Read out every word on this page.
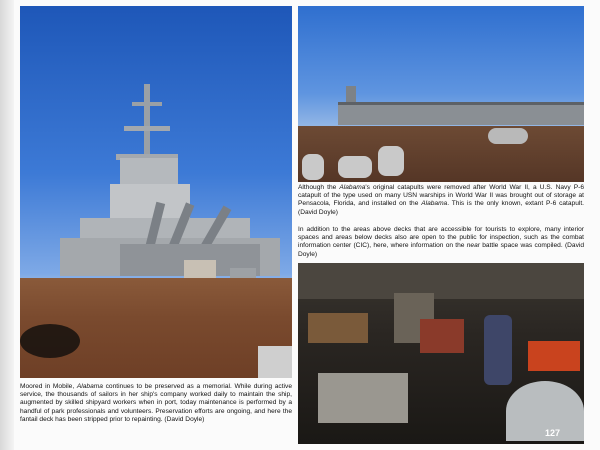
Although the Alabama's original catapults were removed after World War II, a U.S. Navy P-6 catapult of the type used on many USN warships in World War II was brought out of storage at Pensacola, Florida, and installed on the Alabama. This is the only known, extant P-6 catapult. (David Doyle)
In addition to the areas above decks that are accessible for tourists to explore, many interior spaces and areas below decks also are open to the public for inspection, such as the combat information center (CIC), here, where information on the near battle space was compiled. (David Doyle)
Moored in Mobile, Alabama continues to be preserved as a memorial. While during active service, the thousands of sailors in her ship's company worked daily to maintain the ship, augmented by skilled shipyard workers when in port, today maintenance is performed by a handful of park professionals and volunteers. Preservation efforts are ongoing, and here the fantail deck has been stripped prior to repainting. (David Doyle)
127
